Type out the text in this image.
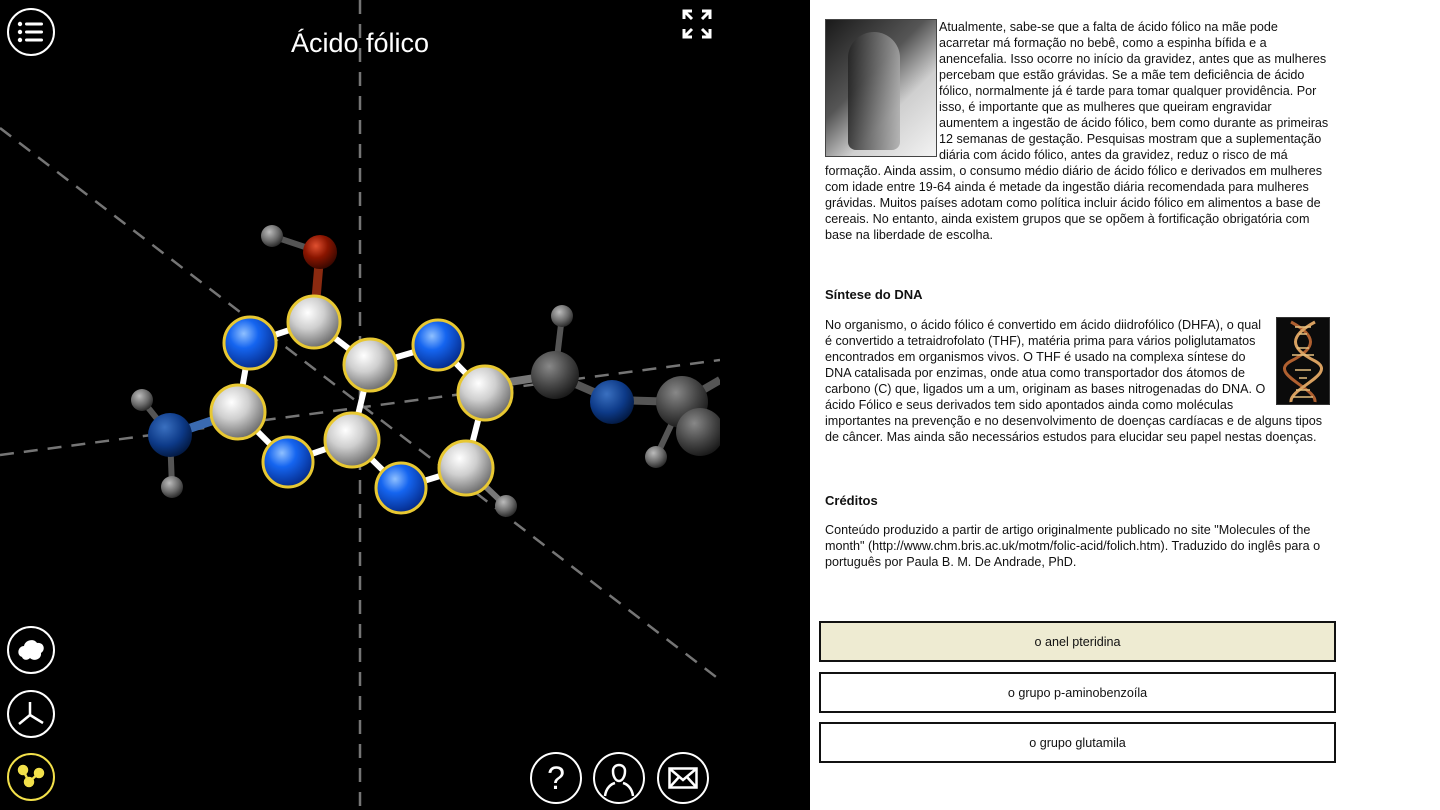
Ácido fólico
?

Atualmente, sabe-se que a falta de ácido fólico na mãe pode acarretar má formação no bebê, como a espinha bífida e a anencefalia. Isso ocorre no início da gravidez, antes que as mulheres percebam que estão grávidas. Se a mãe tem deficiência de ácido fólico, normalmente já é tarde para tomar qualquer providência. Por isso, é importante que as mulheres que queiram engravidar aumentem a ingestão de ácido fólico, bem como durante as primeiras 12 semanas de gestação. Pesquisas mostram que a suplementação diária com ácido fólico, antes da gravidez, reduz o risco de má formação. Ainda assim, o consumo médio diário de ácido fólico e derivados em mulheres com idade entre 19-64 ainda é metade da ingestão diária recomendada para mulheres grávidas. Muitos países adotam como política incluir ácido fólico em alimentos a base de cereais. No entanto, ainda existem grupos que se opõem à fortificação obrigatória com base na liberdade de escolha.

Síntese do DNA

No organismo, o ácido fólico é convertido em ácido diidrofólico (DHFA), o qual é convertido a tetraidrofolato (THF), matéria prima para vários poliglutamatos encontrados em organismos vivos. O THF é usado na complexa síntese do DNA catalisada por enzimas, onde atua como transportador dos átomos de carbono (C) que, ligados um a um, originam as bases nitrogenadas do DNA. O ácido Fólico e seus derivados tem sido apontados ainda como moléculas importantes na prevenção e no desenvolvimento de doenças cardíacas e de alguns tipos de câncer. Mas ainda são necessários estudos para elucidar seu papel nestas doenças.

Créditos

Conteúdo produzido a partir de artigo originalmente publicado no site "Molecules of the month" (http://www.chm.bris.ac.uk/motm/folic-acid/folich.htm). Traduzido do inglês para o português por Paula B. M. De Andrade, PhD.

o anel pteridina
o grupo p-aminobenzoíla
o grupo glutamila
